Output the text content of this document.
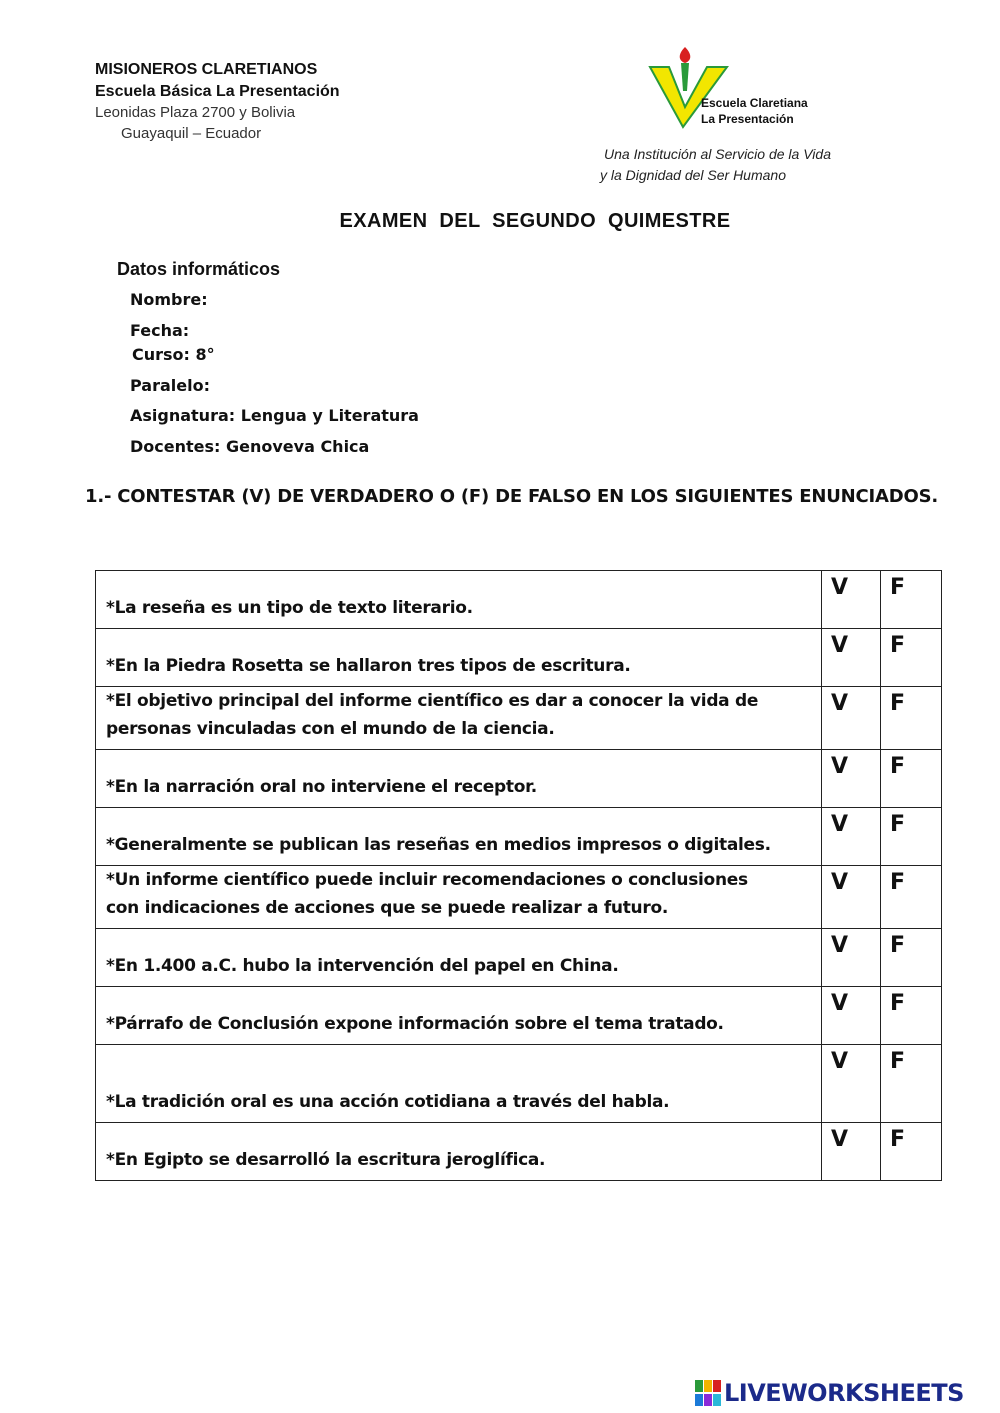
MISIONEROS CLARETIANOS
Escuela Básica La Presentación
Leonidas Plaza 2700 y Bolivia
Guayaquil – Ecuador
Escuela Claretiana
La Presentación
Una Institución al Servicio de la Vida
y la Dignidad del Ser Humano
EXAMEN  DEL  SEGUNDO  QUIMESTRE
Datos informáticos
Nombre:
Fecha:
Curso: 8°
Paralelo:
Asignatura: Lengua y Literatura
Docentes: Genoveva Chica
1.- CONTESTAR (V) DE VERDADERO O (F) DE FALSO EN LOS SIGUIENTES ENUNCIADOS.
*La reseña es un tipo de texto literario.	V	F
*En la Piedra Rosetta se hallaron tres tipos de escritura.	V	F
*El objetivo principal del informe científico es dar a conocer la vida de
personas vinculadas con el mundo de la ciencia.	V	F
*En la narración oral no interviene el receptor.	V	F
*Generalmente se publican las reseñas en medios impresos o digitales.	V	F
*Un informe científico puede incluir recomendaciones o conclusiones
con indicaciones de acciones que se puede realizar a futuro.	V	F
*En 1.400 a.C. hubo la intervención del papel en China.	V	F
*Párrafo de Conclusión expone información sobre el tema tratado.	V	F
*La tradición oral es una acción cotidiana a través del habla.	V	F
*En Egipto se desarrolló la escritura jeroglífica.	V	F
LIVEWORKSHEETS
